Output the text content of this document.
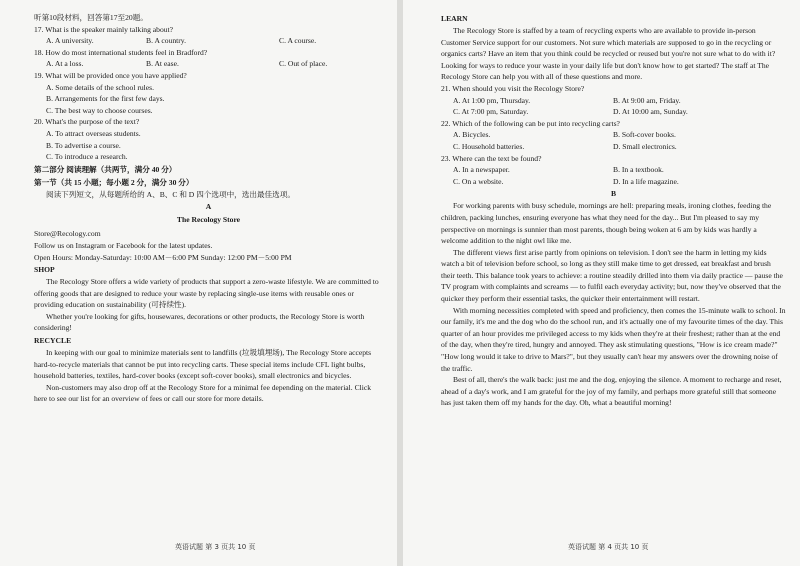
听第10段材料，回答第17至20题。

17. What is the speaker mainly talking about?

A. A university.	B. A country.	C. A course.

18. How do most international students feel in Bradford?

A. At a loss.	B. At ease.	C. Out of place.

19. What will be provided once you have applied?

A. Some details of the school rules.

B. Arrangements for the first few days.

C. The best way to choose courses.

20. What's the purpose of the text?

A. To attract overseas students.

B. To advertise a course.

C. To introduce a research.

第二部分 阅读理解（共两节，满分 40 分）

第一节（共 15 小题；每小题 2 分，满分 30 分）

阅读下列短文，从每题所给的 A、B、C 和 D 四个选项中，选出最佳选项。

A

The Recology Store

Store@Recology.com

Follow us on Instagram or Facebook for the latest updates.

Open Hours: Monday-Saturday: 10:00 AM－6:00 PM Sunday: 12:00 PM－5:00 PM

SHOP

The Recology Store offers a wide variety of products that support a zero-waste lifestyle. We are committed to offering goods that are designed to reduce your waste by replacing single-use items with reusable ones or providing education on sustainability (可持续性).

Whether you're looking for gifts, housewares, decorations or other products, the Recology Store is worth considering!

RECYCLE

In keeping with our goal to minimize materials sent to landfills (垃圾填埋场), The Recology Store accepts hard-to-recycle materials that cannot be put into recycling carts. These special items include CFL light bulbs, household batteries, textiles, hard-cover books (except soft-cover books), small electronics and bicycles.

Non-customers may also drop off at the Recology Store for a minimal fee depending on the material. Click here to see our list for an overview of fees or call our store for more details.

英语试题 第 3 页共 10 页

LEARN

The Recology Store is staffed by a team of recycling experts who are available to provide in-person Customer Service support for our customers. Not sure which materials are supposed to go in the recycling or organics carts? Have an item that you think could be recycled or reused but you're not sure what to do with it? Looking for ways to reduce your waste in your daily life but don't know how to get started? The staff at The Recology Store can help you with all of these questions and more.

21. When should you visit the Recology Store?

A. At 1:00 pm, Thursday.	B. At 9:00 am, Friday.
C. At 7:00 pm, Saturday.	D. At 10:00 am, Sunday.

22. Which of the following can be put into recycling carts?

A. Bicycles.	B. Soft-cover books.
C. Household batteries.	D. Small electronics.

23. Where can the text be found?

A. In a newspaper.	B. In a textbook.
C. On a website.	D. In a life magazine.

B

For working parents with busy schedule, mornings are hell: preparing meals, ironing clothes, feeding the children, packing lunches, ensuring everyone has what they need for the day... But I'm pleased to say my perspective on mornings is sunnier than most parents, though being woken at 6 am by kids was hardly a welcome addition to the night owl like me.

The different views first arise partly from opinions on television. I don't see the harm in letting my kids watch a bit of television before school, so long as they still make time to get dressed, eat breakfast and brush their teeth. This balance took years to achieve: a routine steadily drilled into them via daily practice — pause the TV program with complaints and screams — to fulfil each everyday activity; but, now they've observed that the quicker they perform their essential tasks, the quicker their entertainment will restart.

With morning necessities completed with speed and proficiency, then comes the 15-minute walk to school. In our family, it's me and the dog who do the school run, and it's actually one of my favourite times of the day. This quarter of an hour provides me privileged access to my kids when they're at their freshest; rather than at the end of the day, when they're tired, hungry and annoyed. They ask stimulating questions, "How is ice cream made?" "How long would it take to drive to Mars?", but they usually can't hear my answers over the drowning noise of the traffic.

Best of all, there's the walk back: just me and the dog, enjoying the silence. A moment to recharge and reset, ahead of a day's work, and I am grateful for the joy of my family, and perhaps more grateful still that someone has just taken them off my hands for the day. Oh, what a beautiful morning!

英语试题 第 4 页共 10 页
